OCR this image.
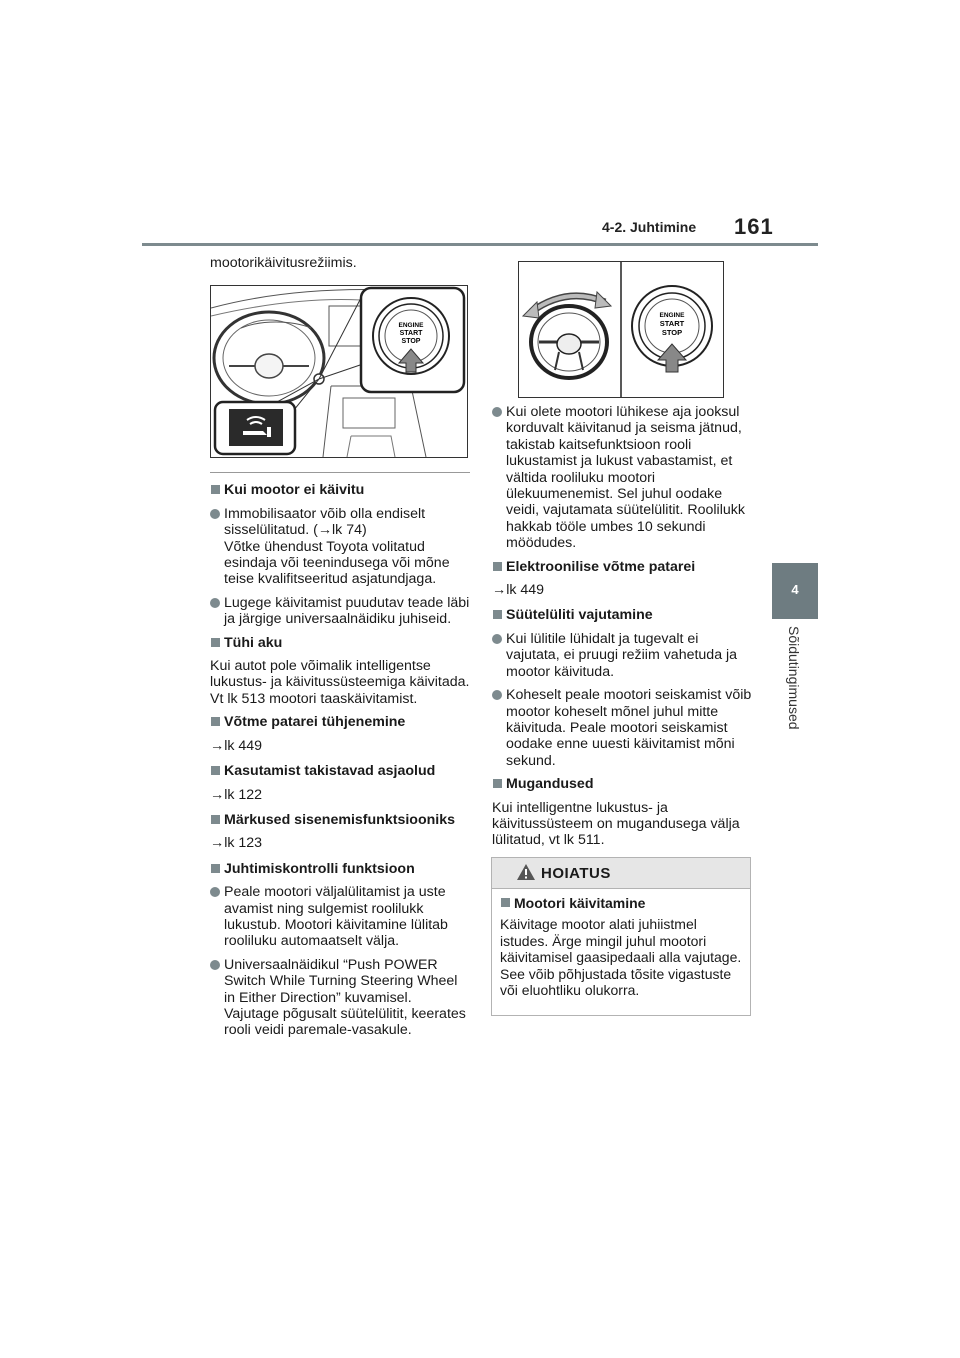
4-2. Juhtimine 161
4
Sõidutingimused
mootorikäivitusrežiimis.
ENGINE
START
STOP
Kui mootor ei käivitu
Immobilisaator võib olla endiselt sisselülitatud. (→lk 74)
Võtke ühendust Toyota volitatud esindaja või teenindusega või mõne teise kvalifitseeritud asjatundjaga.
Lugege käivitamist puudutav teade läbi ja järgige universaalnäidiku juhiseid.
Tühi aku
Kui autot pole võimalik intelligentse lukustus- ja käivitussüsteemiga käivitada. Vt lk 513 mootori taaskäivitamist.
Võtme patarei tühjenemine
→lk 449
Kasutamist takistavad asjaolud
→lk 122
Märkused sisenemisfunktsiooniks
→lk 123
Juhtimiskontrolli funktsioon
Peale mootori väljalülitamist ja uste avamist ning sulgemist roolilukk lukustub. Mootori käivitamine lülitab rooliluku automaatselt välja.
Universaalnäidikul “Push POWER Switch While Turning Steering Wheel in Either Direction” kuvamisel. Vajutage põgusalt süütelülitit, keerates rooli veidi paremale-vasakule.
ENGINE
START
STOP
Kui olete mootori lühikese aja jooksul korduvalt käivitanud ja seisma jätnud, takistab kaitsefunktsioon rooli lukustamist ja lukust vabastamist, et vältida rooliluku mootori ülekuumenemist. Sel juhul oodake veidi, vajutamata süütelülitit. Roolilukk hakkab tööle umbes 10 sekundi möödudes.
Elektroonilise võtme patarei
→lk 449
Süütelüliti vajutamine
Kui lülitile lühidalt ja tugevalt ei vajutata, ei pruugi režiim vahetuda ja mootor käivituda.
Koheselt peale mootori seiskamist võib mootor koheselt mõnel juhul mitte käivituda. Peale mootori seiskamist oodake enne uuesti käivitamist mõni sekund.
Mugandused
Kui intelligentne lukustus- ja käivitussüsteem on mugandusega välja lülitatud, vt lk 511.
HOIATUS
Mootori käivitamine
Käivitage mootor alati juhiistmel istudes. Ärge mingil juhul mootori käivitamisel gaasipedaali alla vajutage.
See võib põhjustada tõsite vigastuste või eluohtliku olukorra.
